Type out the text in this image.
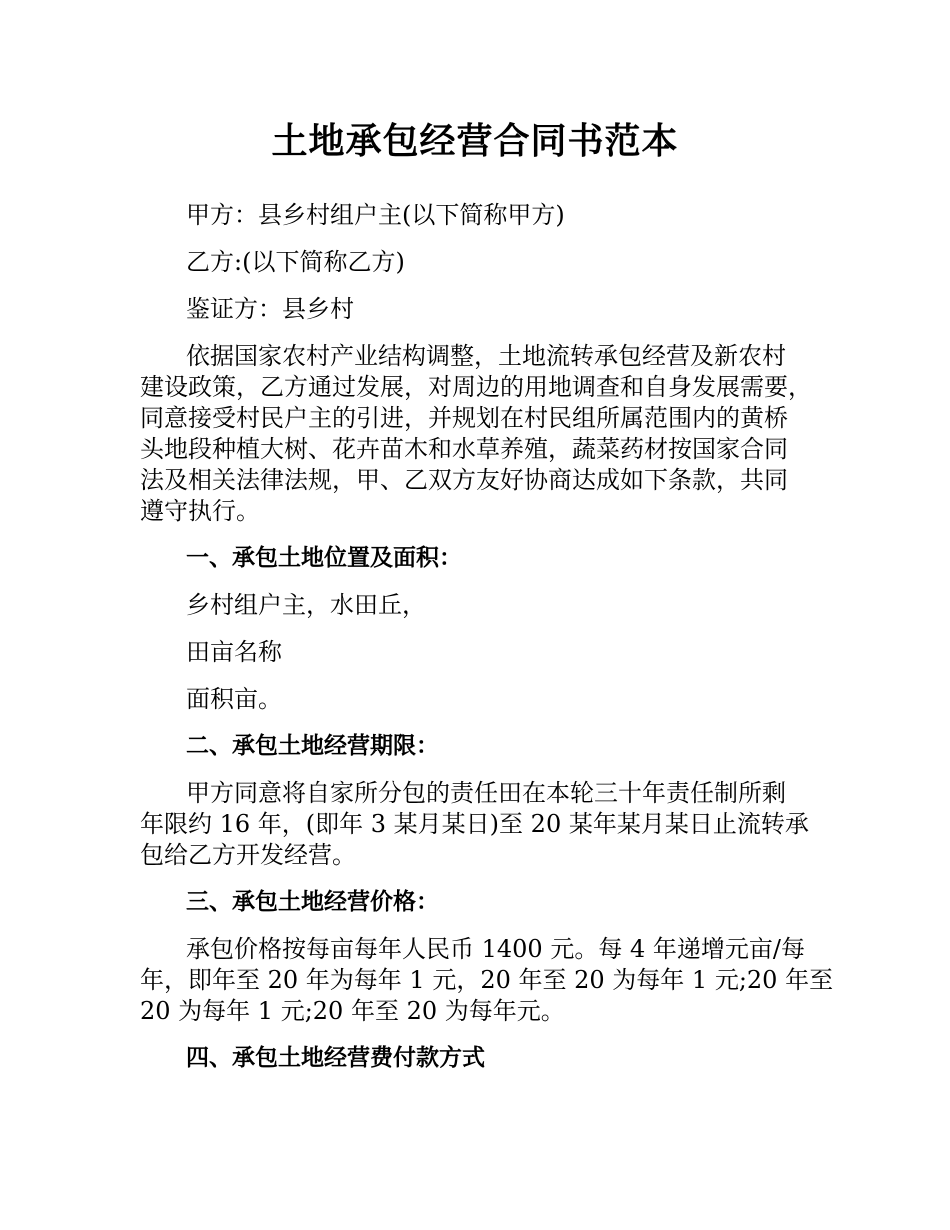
土地承包经营合同书范本

甲方：县乡村组户主(以下简称甲方)

乙方:(以下简称乙方)

鉴证方：县乡村

依据国家农村产业结构调整，土地流转承包经营及新农村

建设政策，乙方通过发展，对周边的用地调查和自身发展需要，

同意接受村民户主的引进，并规划在村民组所属范围内的黄桥

头地段种植大树、花卉苗木和水草养殖，蔬菜药材按国家合同

法及相关法律法规，甲、乙双方友好协商达成如下条款，共同

遵守执行。

一、承包土地位置及面积：

乡村组户主，水田丘，

田亩名称

面积亩。

二、承包土地经营期限：

甲方同意将自家所分包的责任田在本轮三十年责任制所剩

年限约 16 年，(即年 3 某月某日)至 20 某年某月某日止流转承

包给乙方开发经营。

三、承包土地经营价格：

承包价格按每亩每年人民币 1400 元。每 4 年递增元亩/每

年，即年至 20 年为每年 1 元，20 年至 20 为每年 1 元;20 年至

20 为每年 1 元;20 年至 20 为每年元。

四、承包土地经营费付款方式
